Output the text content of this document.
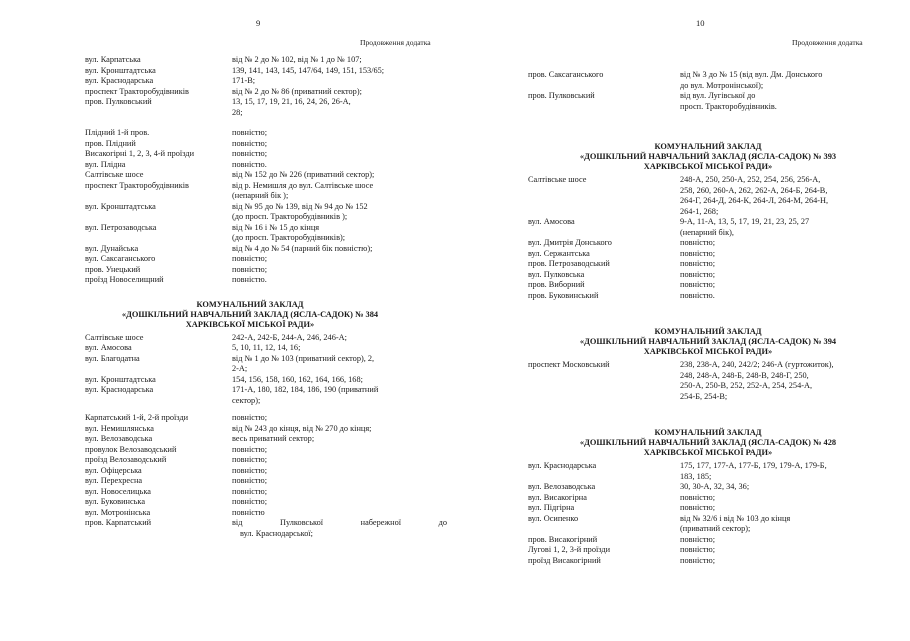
9
Продовження додатка
вул. Карпатська	від № 2 до № 102, від № 1 до № 107;
вул. Кронштадтська	139, 141, 143, 145, 147/64, 149, 151, 153/65;
вул. Краснодарська	171-В;
проспект Тракторобудівників	від № 2 до № 86 (приватний сектор);
пров. Пулковський	13, 15, 17, 19, 21, 16, 24, 26, 26-А,
28;
Плідний 1-й пров.	повністю;
пров. Плідний	повністю;
Висакогірні 1, 2, 3, 4-й проїзди	повністю;
вул. Плідна	повністю.
Салтівське шосе	від № 152 до № 226 (приватний сектор);
проспект Тракторобудівників	від р. Немишля до вул. Салтівське шосе
(непарний бік );
вул. Кронштадтська	від № 95 до № 139, від № 94 до № 152
(до просп. Тракторобудівників );
вул. Петрозаводська	від № 16 і № 15 до кінця
(до просп. Тракторобудівників);
вул. Дунайська	від № 4 до № 54 (парний бік повністю);
вул. Саксаганського	повністю;
пров. Унецький	повністю;
проїзд Новоселищний	повністю.
КОМУНАЛЬНИЙ ЗАКЛАД
«ДОШКІЛЬНИЙ НАВЧАЛЬНИЙ ЗАКЛАД (ЯСЛА-САДОК) № 384
ХАРКІВСЬКОЇ МІСЬКОЇ РАДИ»
Салтівське шосе	242-А, 242-Б, 244-А, 246, 246-А;
вул. Амосова	5, 10, 11, 12, 14, 16;
вул. Благодатна	від № 1 до № 103 (приватний сектор), 2,
2-А;
вул. Кронштадтська	154, 156, 158, 160, 162, 164, 166, 168;
вул. Краснодарська	171-А, 180, 182, 184, 186, 190 (приватний
сектор);
Карпатський 1-й, 2-й проїзди	повністю;
вул. Немишлянська	від № 243 до кінця, від № 270 до кінця;
вул. Велозаводська	весь приватний сектор;
провулок Велозаводський	повністю;
проїзд Велозаводський	повністю;
вул. Офіцерська	повністю;
вул. Перехресна	повністю;
вул. Новоселицька	повністю;
вул. Буковинська	повністю;
вул. Мотронінська	повністю
пров. Карпатський	від	Пулковської	набережної	до
вул. Краснодарської;
10
Продовження додатка
пров. Саксаганського	від № 3 до № 15 (від вул. Дм. Донського
до вул. Мотронінської);
пров. Пулковський	від вул. Лугівської до
просп. Тракторобудівників.
КОМУНАЛЬНИЙ ЗАКЛАД
«ДОШКІЛЬНИЙ НАВЧАЛЬНИЙ ЗАКЛАД (ЯСЛА-САДОК) № 393
ХАРКІВСЬКОЇ МІСЬКОЇ РАДИ»
Салтівське шосе	248-А, 250, 250-А, 252, 254, 256, 256-А,
258, 260, 260-А, 262, 262-А, 264-Б, 264-В,
264-Г, 264-Д, 264-К, 264-Л, 264-М, 264-Н,
264-1, 268;
вул. Амосова	9-А, 11-А, 13, 5, 17, 19, 21, 23, 25, 27
(непарний бік),
вул. Дмитрія Донського	повністю;
вул. Сержантська	повністю;
пров. Петрозаводський	повністю;
вул. Пулковська	повністю;
пров. Виборний	повністю;
пров. Буковинський	повністю.
КОМУНАЛЬНИЙ ЗАКЛАД
«ДОШКІЛЬНИЙ НАВЧАЛЬНИЙ ЗАКЛАД (ЯСЛА-САДОК) № 394
ХАРКІВСЬКОЇ МІСЬКОЇ РАДИ»
проспект Московський	238, 238-А, 240, 242/2; 246-А (гуртожиток),
248, 248-А, 248-Б, 248-В, 248-Г, 250,
250-А, 250-В, 252, 252-А, 254, 254-А,
254-Б, 254-В;
КОМУНАЛЬНИЙ ЗАКЛАД
«ДОШКІЛЬНИЙ НАВЧАЛЬНИЙ ЗАКЛАД (ЯСЛА-САДОК) № 428
ХАРКІВСЬКОЇ МІСЬКОЇ РАДИ»
вул. Краснодарська	175, 177, 177-А, 177-Б, 179, 179-А, 179-Б,
183, 185;
вул. Велозаводська	30, 30-А, 32, 34, 36;
вул. Висакогірна	повністю;
вул. Підгірна	повністю;
вул. Осипенко	від № 32/6 і від № 103 до кінця
(приватний сектор);
пров. Висакогірний	повністю;
Лугові 1, 2, 3-й проїзди	повністю;
проїзд Висакогірний	повністю;
